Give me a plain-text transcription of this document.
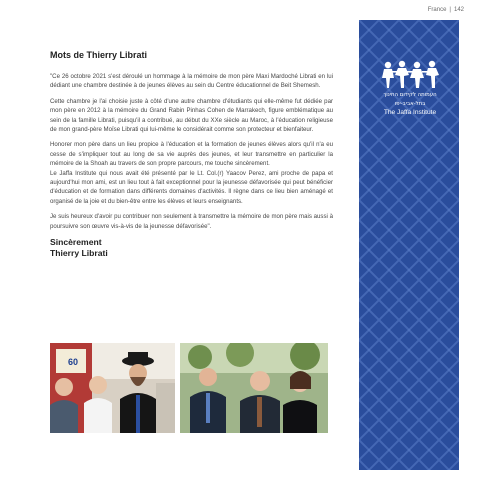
France | 142
Mots de Thierry Librati

"Ce 26 octobre 2021 s'est déroulé un hommage à la mémoire de mon père Maxi Mardoché Librati en lui dédiant une chambre destinée à de jeunes élèves au sein du Centre éducationnel de Beit Shemesh.

Cette chambre je l'ai choisie juste à côté d'une autre chambre d'étudiants qui elle-même fut dédiée par mon père en 2012 à la mémoire du Grand Rabin Pinhas Cohen de Marrakech, figure emblématique au sein de la famille Librati, puisqu'il a contribué, au début du XXe siècle au Maroc, à l'éducation religieuse de mon grand-père Moïse Librati qui lui-même le considérait comme son protecteur et bienfaiteur.

Honorer mon père dans un lieu propice à l'éducation et la formation de jeunes élèves alors qu'il n'a eu cesse de s'impliquer tout au long de sa vie auprès des jeunes, et leur transmettre en particulier la mémoire de la Shoah au travers de son propre parcours, me touche sincèrement.

Le Jaffa Institute qui nous avait été présenté par le Lt. Col.(r) Yaacov Perez, ami proche de papa et aujourd'hui mon ami, est un lieu tout à fait exceptionnel pour la jeunesse défavorisée qui peut bénéficier d'éducation et de formation dans différents domaines d'activités. Il règne dans ce lieu bien aménagé et organisé de la joie et du bien-être entre les élèves et leurs enseignants.

Je suis heureux d'avoir pu contribuer non seulement à transmettre la mémoire de mon père mais aussi à poursuivre son œuvre vis-à-vis de la jeunesse défavorisée".

Sincèrement
Thierry Librati
העמותה לקידום החינוך
בתל-אביב-יפו
The Jaffa Institute
60
